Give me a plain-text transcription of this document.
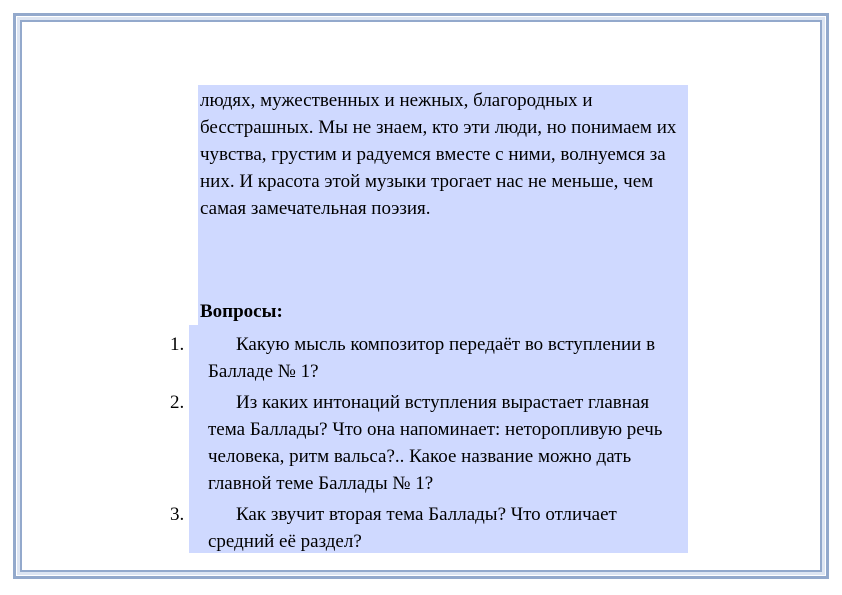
людях, мужественных и нежных, благородных и бесстрашных. Мы не знаем, кто эти люди, но понимаем их чувства, грустим и радуемся вместе с ними, волнуемся за них. И красота этой музыки трогает нас не меньше, чем самая замечательная поэзия.

Вопросы:

1.	Какую мысль композитор передаёт во вступлении в Балладе № 1?
2.	Из каких интонаций вступления вырастает главная тема Баллады? Что она напоминает: неторопливую речь человека, ритм вальса?.. Какое название можно дать главной теме Баллады № 1?
3.	Как звучит вторая тема Баллады? Что отличает средний её раздел?
